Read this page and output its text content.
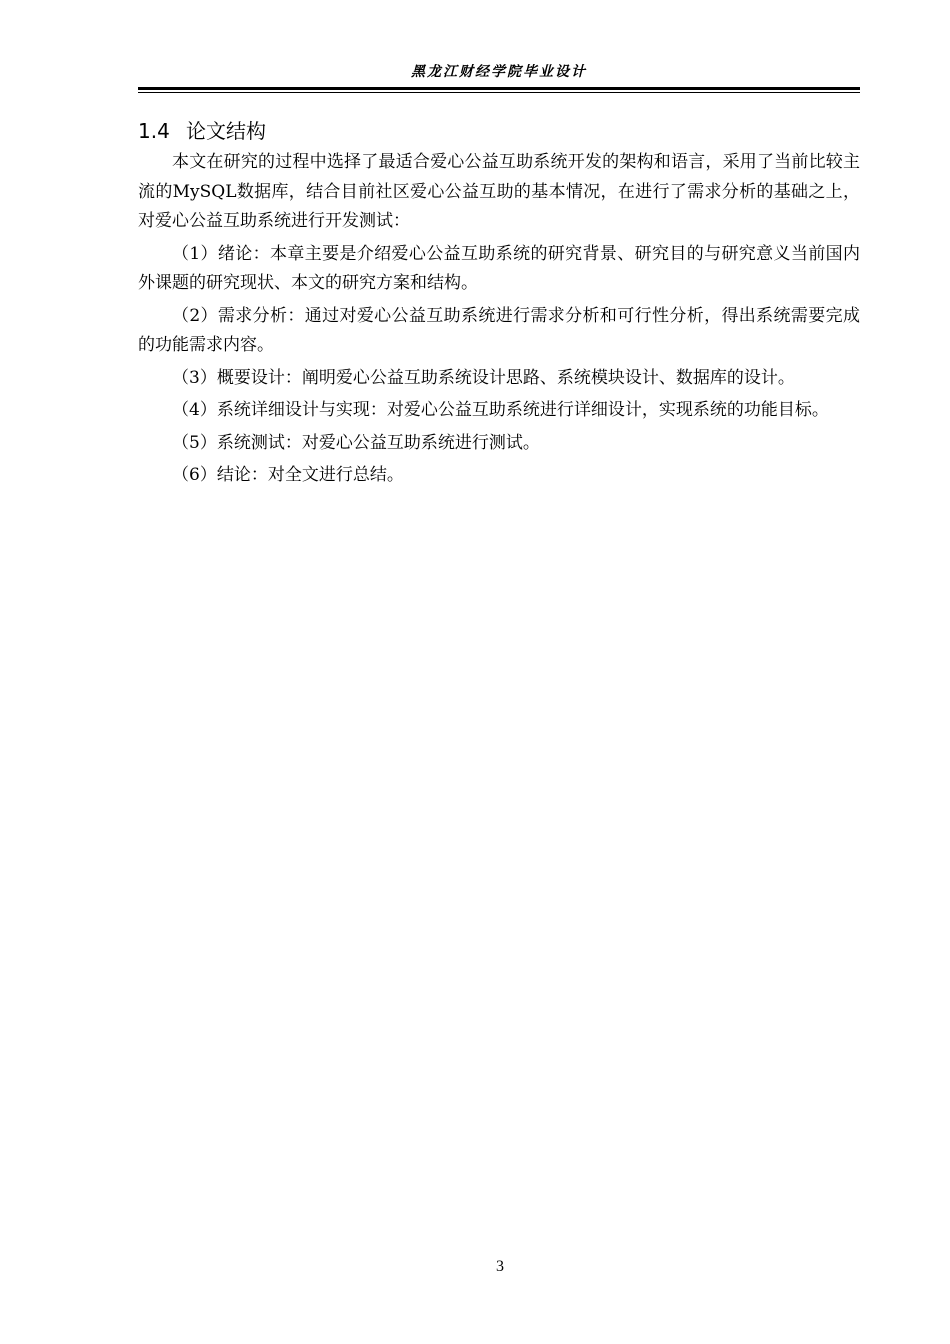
黑龙江财经学院毕业设计
1.4 论文结构

本文在研究的过程中选择了最适合爱心公益互助系统开发的架构和语言，采用了当前比较主流的MySQL数据库，结合目前社区爱心公益互助的基本情况，在进行了需求分析的基础之上，对爱心公益互助系统进行开发测试：

（1）绪论：本章主要是介绍爱心公益互助系统的研究背景、研究目的与研究意义当前国内外课题的研究现状、本文的研究方案和结构。

（2）需求分析：通过对爱心公益互助系统进行需求分析和可行性分析，得出系统需要完成的功能需求内容。

（3）概要设计：阐明爱心公益互助系统设计思路、系统模块设计、数据库的设计。

（4）系统详细设计与实现：对爱心公益互助系统进行详细设计，实现系统的功能目标。

（5）系统测试：对爱心公益互助系统进行测试。

（6）结论：对全文进行总结。

3
